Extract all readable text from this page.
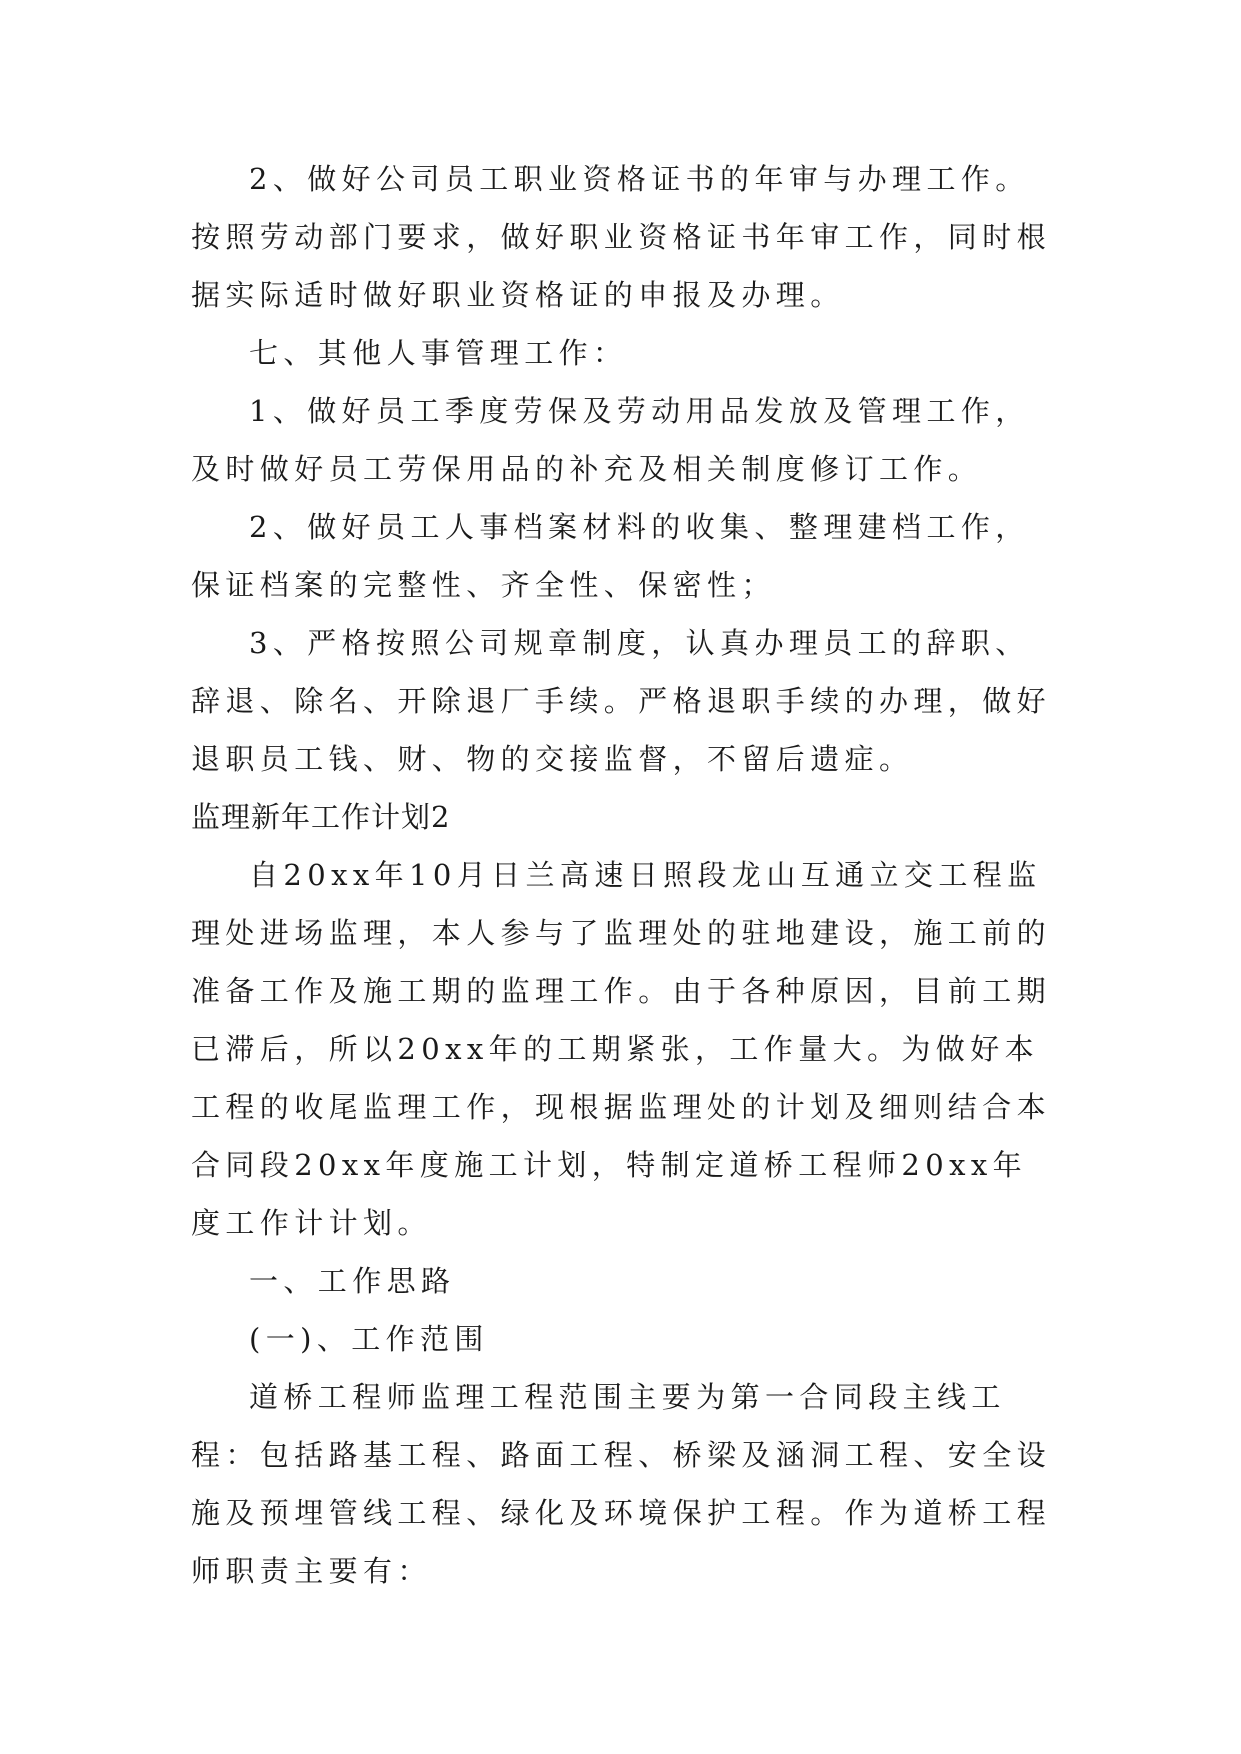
2、做好公司员工职业资格证书的年审与办理工作。按照劳动部门要求，做好职业资格证书年审工作，同时根据实际适时做好职业资格证的申报及办理。

七、其他人事管理工作：

1、做好员工季度劳保及劳动用品发放及管理工作，及时做好员工劳保用品的补充及相关制度修订工作。

2、做好员工人事档案材料的收集、整理建档工作，保证档案的完整性、齐全性、保密性；

3、严格按照公司规章制度，认真办理员工的辞职、辞退、除名、开除退厂手续。严格退职手续的办理，做好退职员工钱、财、物的交接监督，不留后遗症。

监理新年工作计划2

自20xx年10月日兰高速日照段龙山互通立交工程监理处进场监理，本人参与了监理处的驻地建设，施工前的准备工作及施工期的监理工作。由于各种原因，目前工期已滞后，所以20xx年的工期紧张，工作量大。为做好本工程的收尾监理工作，现根据监理处的计划及细则结合本合同段20xx年度施工计划，特制定道桥工程师20xx年度工作计计划。

一、工作思路

(一)、工作范围

道桥工程师监理工程范围主要为第一合同段主线工程：包括路基工程、路面工程、桥梁及涵洞工程、安全设施及预埋管线工程、绿化及环境保护工程。作为道桥工程师职责主要有：
